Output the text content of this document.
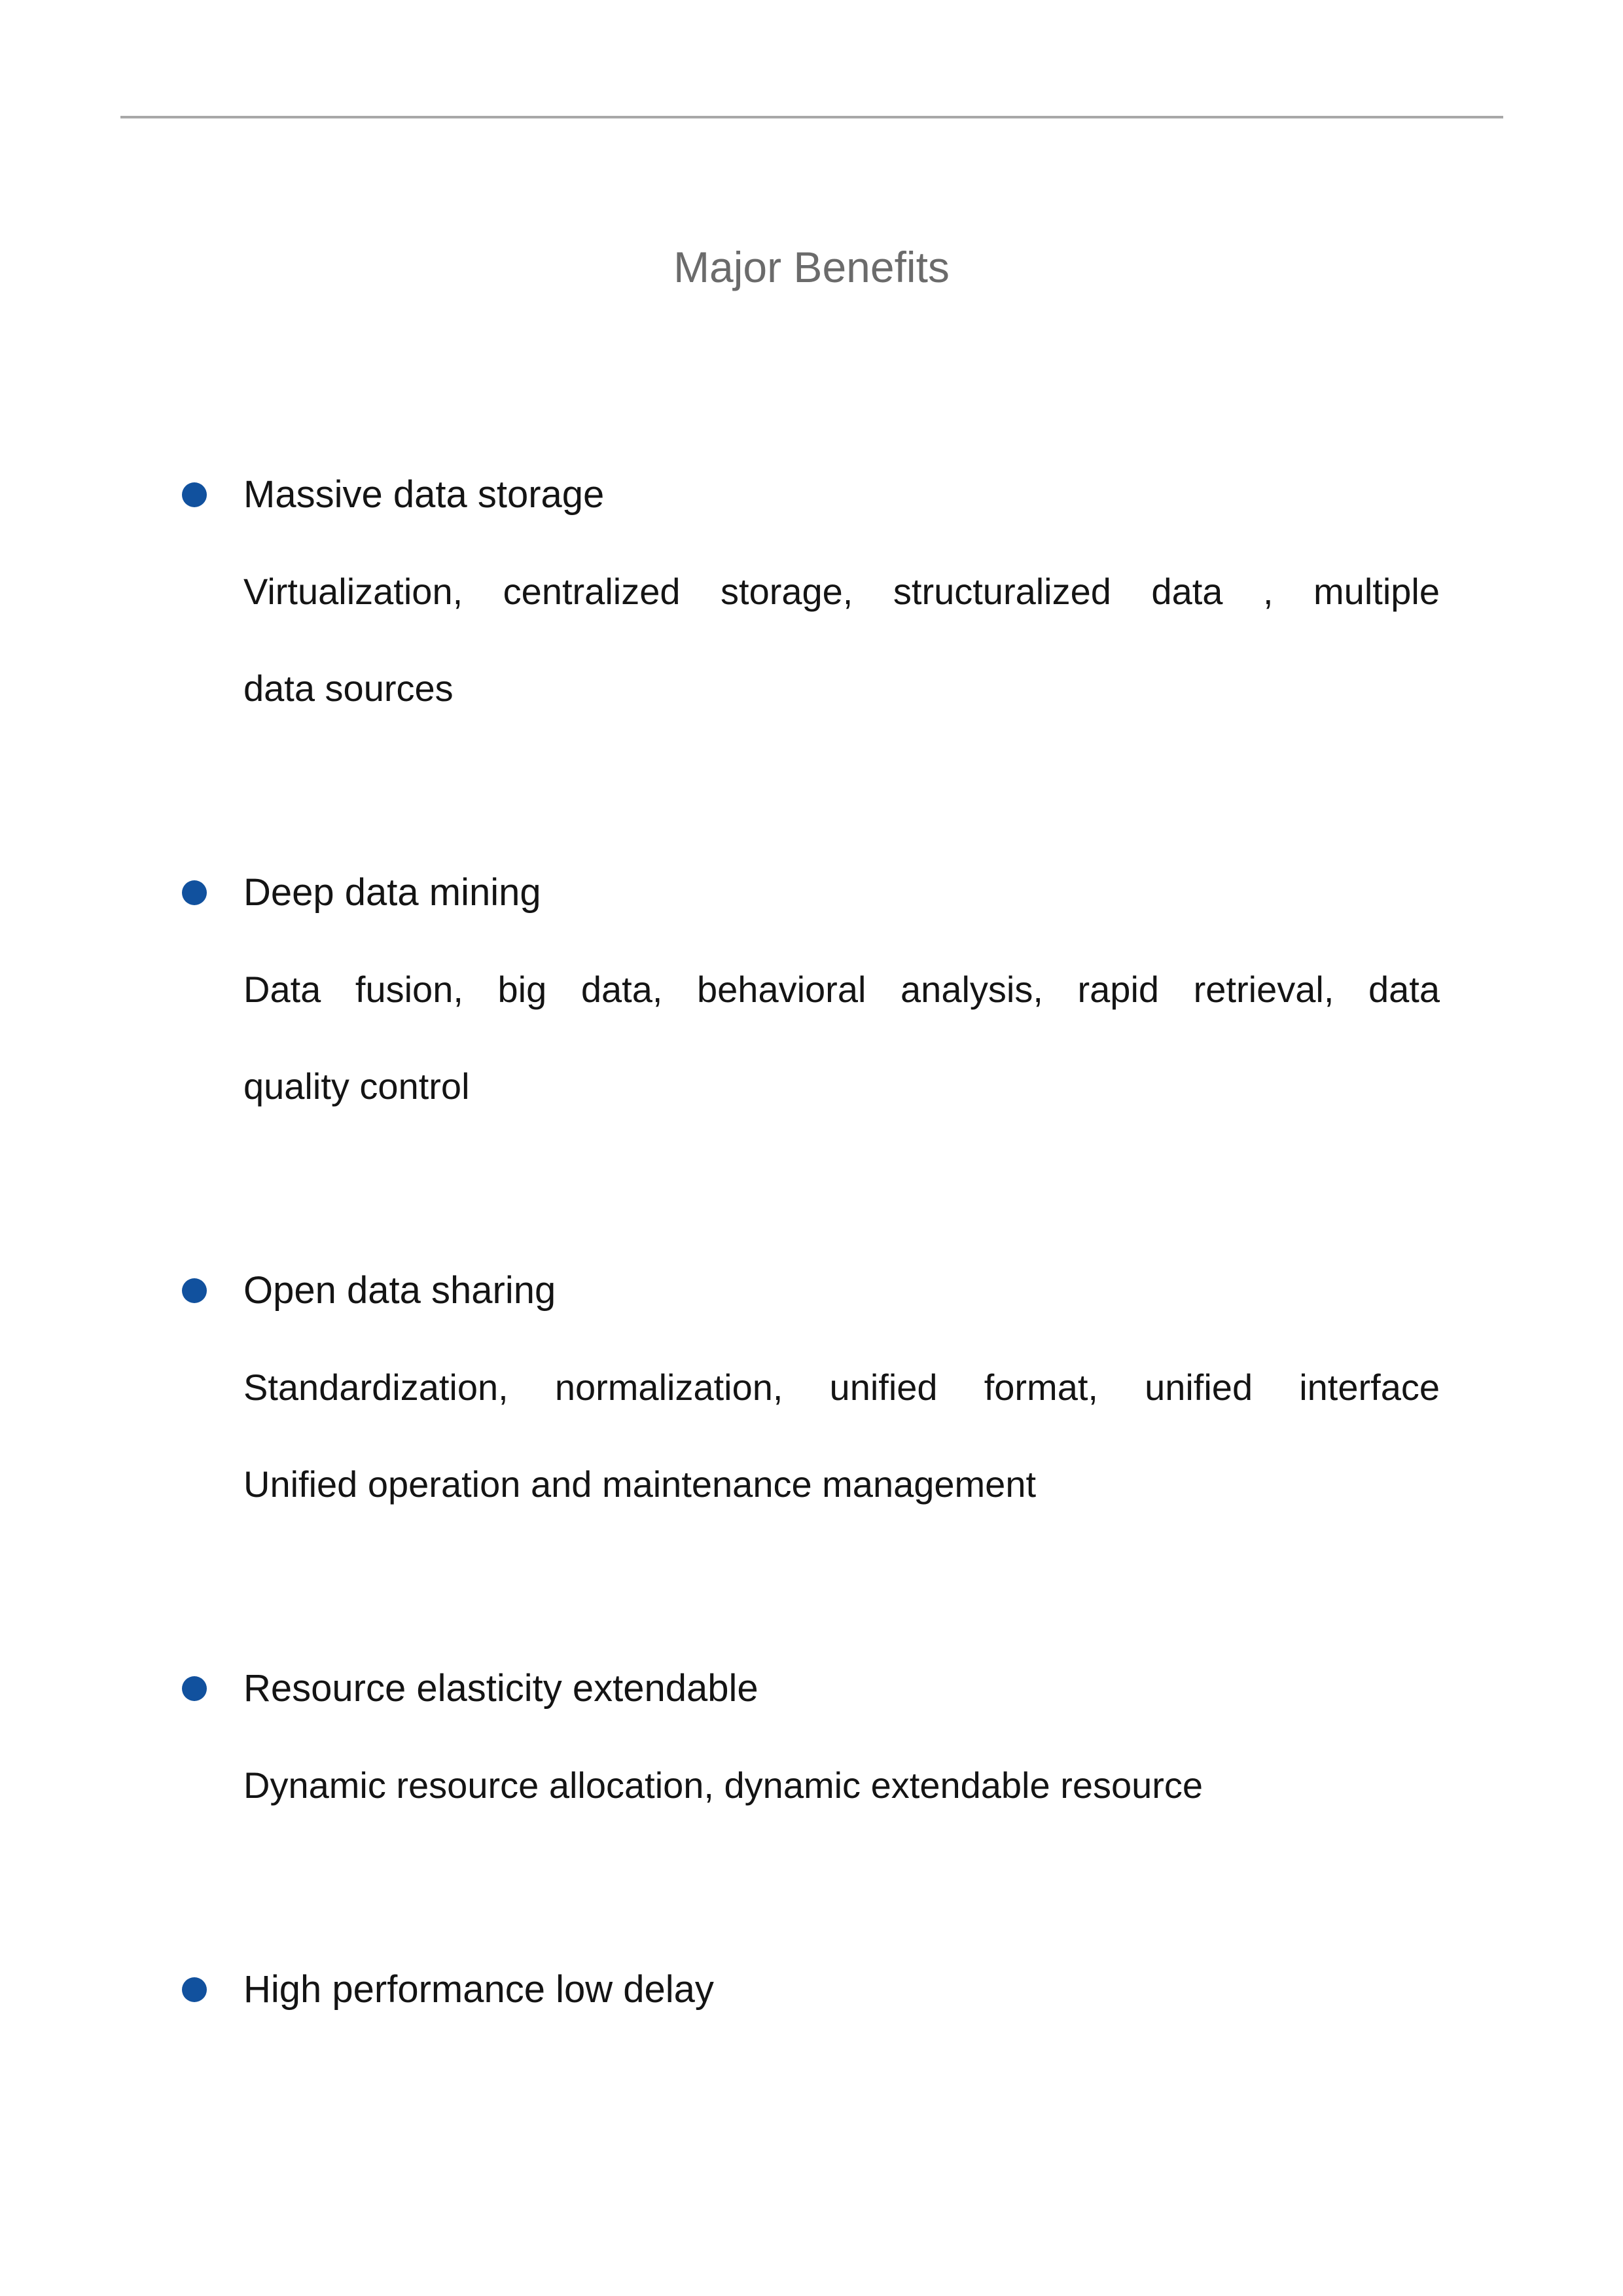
Major Benefits
Massive data storage
Virtualization, centralized storage, structuralized data , multiple
data sources
Deep data mining
Data fusion, big data, behavioral analysis, rapid retrieval, data
quality control
Open data sharing
Standardization, normalization, unified format, unified interface
Unified operation and maintenance management
Resource elasticity extendable
Dynamic resource allocation, dynamic extendable resource
High performance low delay
